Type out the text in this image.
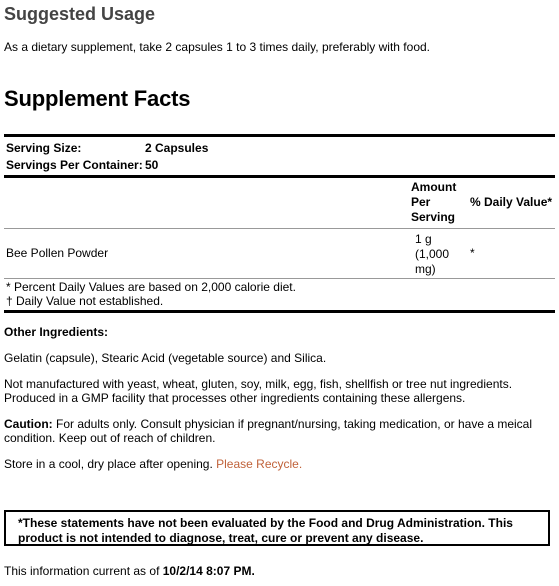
Suggested Usage

As a dietary supplement, take 2 capsules 1 to 3 times daily, preferably with food.

Supplement Facts
Serving Size:	2 Capsules
Servings Per Container: 50
Amount Per Serving
% Daily Value*
Bee Pollen Powder
1 g (1,000 mg)
*
* Percent Daily Values are based on 2,000 calorie diet.
† Daily Value not established.
Other Ingredients:

Gelatin (capsule), Stearic Acid (vegetable source) and Silica.

Not manufactured with yeast, wheat, gluten, soy, milk, egg, fish, shellfish or tree nut ingredients. Produced in a GMP facility that processes other ingredients containing these allergens.

Caution: For adults only. Consult physician if pregnant/nursing, taking medication, or have a meical condition. Keep out of reach of children.

Store in a cool, dry place after opening. Please Recycle.

*These statements have not been evaluated by the Food and Drug Administration. This product is not intended to diagnose, treat, cure or prevent any disease.
This information current as of 10/2/14 8:07 PM.
